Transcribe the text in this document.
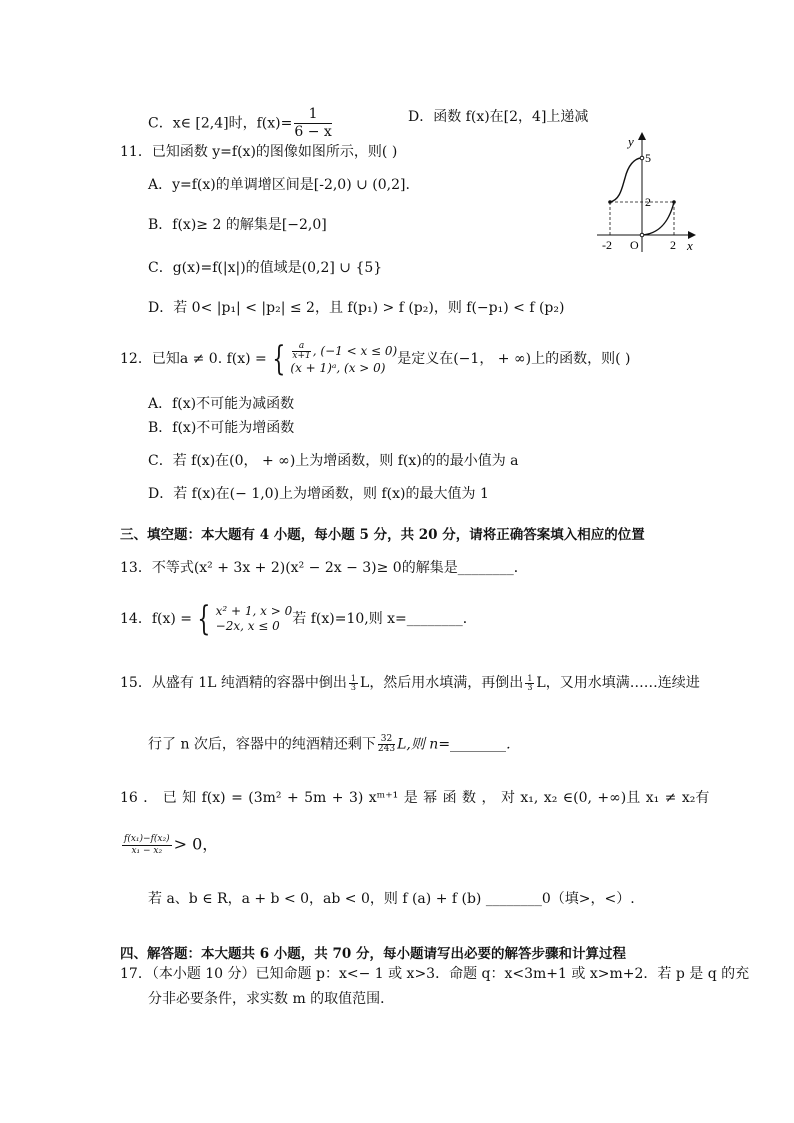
C．x∈ [2,4]时，$f(x)= \frac{1}{6 - x}$	D．函数 f(x)在[2，4]上递减
11．已知函数 y=f(x)的图像如图所示，则( )
A．y=f(x)的单调增区间是[-2,0) ∪ (0,2].
B．f(x)≥ 2 的解集是[−2,0]
C．g(x)=f(|x|)的值域是(0,2] ∪ {5}
D．若 0< |p₁| < |p₂| ≤ 2，且 f(p₁) > f (p₂)，则 f(−p₁) < f (p₂)
y
x
5
2
-2 O	2
12．已知a ≠ 0. f(x) = { $\frac{a}{x+1}$ , (−1 < x ≤ 0)
(x + 1)ᵃ, (x > 0)
是定义在(−1， + ∞)上的函数，则( )
A．f(x)不可能为减函数
B．f(x)不可能为增函数
C．若 f(x)在(0， + ∞)上为增函数，则 f(x)的的最小值为 a
D．若 f(x)在(− 1,0)上为增函数，则 f(x)的最大值为 1
三、填空题：本大题有 4 小题，每小题 5 分，共 20 分，请将正确答案填入相应的位置
13．不等式(x² + 3x + 2)(x² − 2x − 3)≥ 0的解集是________．
14．f(x) = { x² + 1, x > 0
−2x, x ≤ 0 若 f(x)=10,则 x=________．
15．从盛有 1L 纯酒精的容器中倒出 $\frac{1}{3}$ L，然后用水填满，再倒出 $\frac{1}{3}$ L，又用水填满……连续进
行了 n 次后，容器中的纯酒精还剩下 $\frac{32}{243} L$,则 n=________．
16 ． 已 知 f(x) = (3m² + 5m + 3) xᵐ⁺¹ 是 幂 函 数 ， 对 x₁, x₂ ∈(0, +∞)且 x₁ ≠ x₂有
$\frac{\text{f(x₁)−f(x₂)}}{\text{x₁ − x₂}} > 0$，
若 a、b ∈ R，a + b < 0，ab < 0，则 f (a) + f (b) ________0（填>，<）.
四、解答题：本大题共 6 小题，共 70 分，每小题请写出必要的解答步骤和计算过程
17．（本小题 10 分）已知命题 p：x<− 1 或 x>3．命题 q：x<3m+1 或 x>m+2．若 p 是 q 的充
分非必要条件，求实数 m 的取值范围．
